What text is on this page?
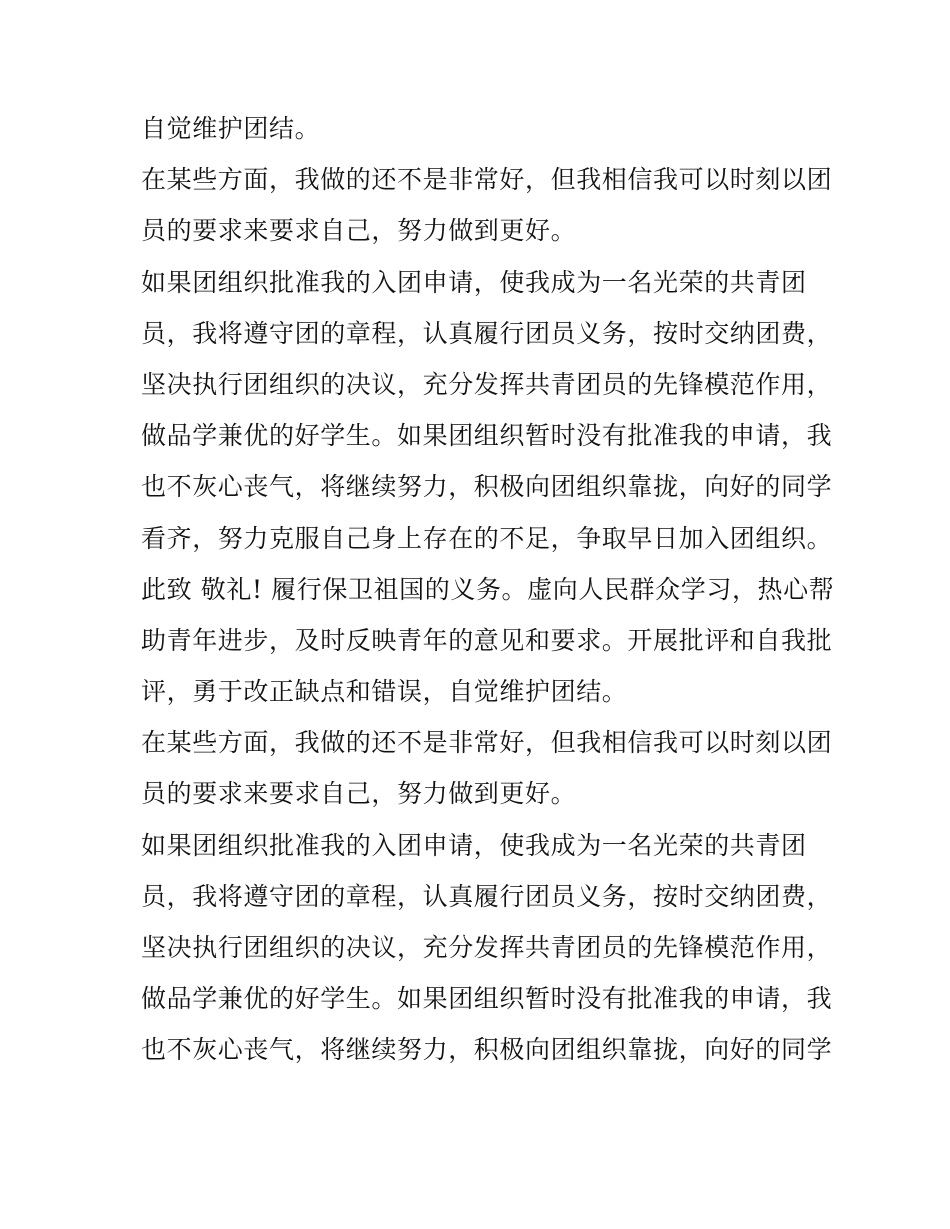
自觉维护团结。
在某些方面，我做的还不是非常好，但我相信我可以时刻以团
员的要求来要求自己，努力做到更好。
如果团组织批准我的入团申请，使我成为一名光荣的共青团
员，我将遵守团的章程，认真履行团员义务，按时交纳团费，
坚决执行团组织的决议，充分发挥共青团员的先锋模范作用，
做品学兼优的好学生。如果团组织暂时没有批准我的申请，我
也不灰心丧气，将继续努力，积极向团组织靠拢，向好的同学
看齐，努力克服自己身上存在的不足，争取早日加入团组织。
此致 敬礼! 履行保卫祖国的义务。虚向人民群众学习，热心帮
助青年进步，及时反映青年的意见和要求。开展批评和自我批
评，勇于改正缺点和错误，自觉维护团结。
在某些方面，我做的还不是非常好，但我相信我可以时刻以团
员的要求来要求自己，努力做到更好。
如果团组织批准我的入团申请，使我成为一名光荣的共青团
员，我将遵守团的章程，认真履行团员义务，按时交纳团费，
坚决执行团组织的决议，充分发挥共青团员的先锋模范作用，
做品学兼优的好学生。如果团组织暂时没有批准我的申请，我
也不灰心丧气，将继续努力，积极向团组织靠拢，向好的同学
